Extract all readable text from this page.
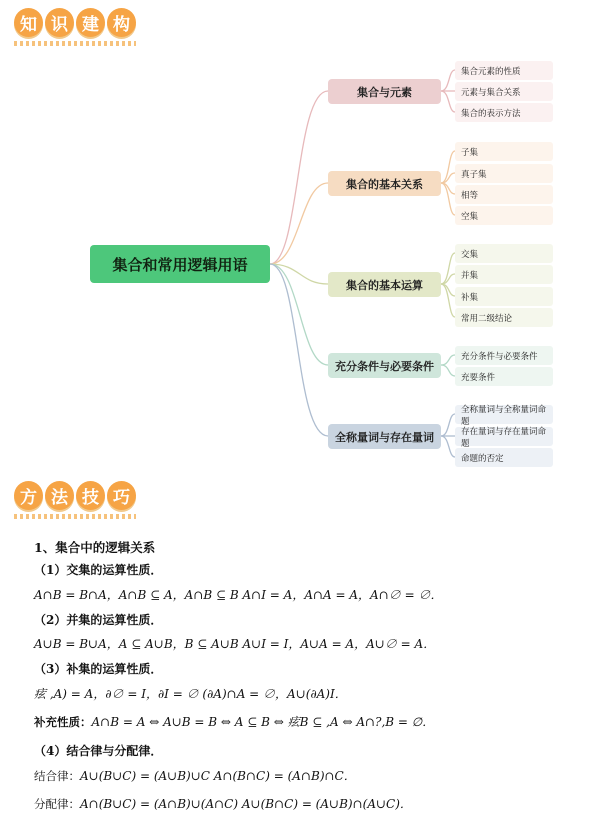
知 识 建 构
集合和常用逻辑用语
集合与元素
集合的基本关系
集合的基本运算
充分条件与必要条件
全称量词与存在量词
集合元素的性质
元素与集合关系
集合的表示方法
子集
真子集
相等
空集
交集
并集
补集
常用二级结论
充分条件与必要条件
充要条件
全称量词与全称量词命题
存在量词与存在量词命题
命题的否定
方 法 技 巧
1、集合中的逻辑关系
（1）交集的运算性质．
A∩B = B∩A，A∩B ⊆ A，A∩B ⊆ B A∩I = A，A∩A = A，A∩∅ = ∅．
（2）并集的运算性质．
A∪B = B∪A，A ⊆ A∪B，B ⊆ A∪B A∪I = I，A∪A = A，A∪∅ = A．
（3）补集的运算性质．
痃 ,A) = A，∂∅ = I，∂I = ∅ (∂A)∩A = ∅，A∪(∂A)I．
补充性质：A∩B = A ⇔ A∪B = B ⇔ A ⊆ B ⇔ 痃B ⊆ ,A ⇔ A∩?,B = ∅．
（4）结合律与分配律．
结合律：A∪(B∪C) = (A∪B)∪C A∩(B∩C) = (A∩B)∩C．
分配律：A∩(B∪C) = (A∩B)∪(A∩C) A∪(B∩C) = (A∪B)∩(A∪C)．
